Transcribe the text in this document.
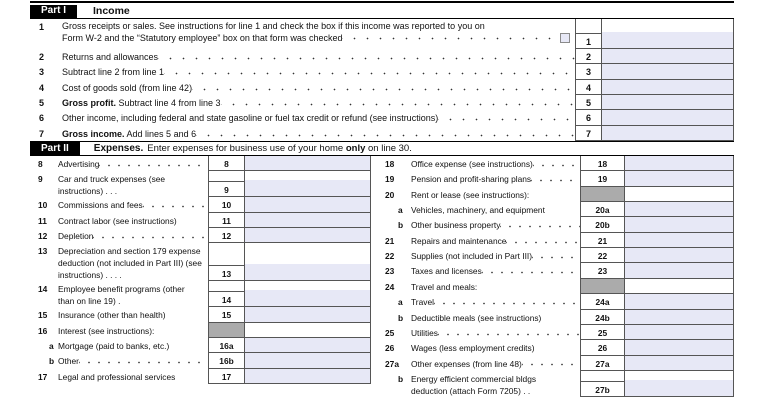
Part I	Income
1	Gross receipts or sales. See instructions for line 1 and check the box if this income was reported to you on
Form W-2 and the “Statutory employee” box on that form was checked	1
2	Returns and allowances	2
3	Subtract line 2 from line 1	3
4	Cost of goods sold (from line 42)	4
5	Gross profit. Subtract line 4 from line 3	5
6	Other income, including federal and state gasoline or fuel tax credit or refund (see instructions)	6
7	Gross income. Add lines 5 and 6	7
Part II	Expenses. Enter expenses for business use of your home only on line 30.
8	Advertising	8
9	Car and truck expenses (see instructions) . . .	9
10	Commissions and fees	10
11	Contract labor (see instructions)	11
12	Depletion	12
13	Depreciation and section 179 expense deduction (not included in Part III) (see instructions) . . . .	13
14	Employee benefit programs (other than on line 19) .	14
15	Insurance (other than health)	15
16	Interest (see instructions):
a Mortgage (paid to banks, etc.)	16a
b Other	16b
17	Legal and professional services	17
18	Office expense (see instructions)	18
19	Pension and profit-sharing plans	19
20	Rent or lease (see instructions):
a Vehicles, machinery, and equipment	20a
b Other business property	20b
21	Repairs and maintenance	21
22	Supplies (not included in Part III)	22
23	Taxes and licenses	23
24	Travel and meals:
a Travel	24a
b Deductible meals (see instructions)	24b
25	Utilities	25
26	Wages (less employment credits)	26
27a	Other expenses (from line 48)	27a
b Energy efficient commercial bldgs deduction (attach Form 7205) . .	27b
